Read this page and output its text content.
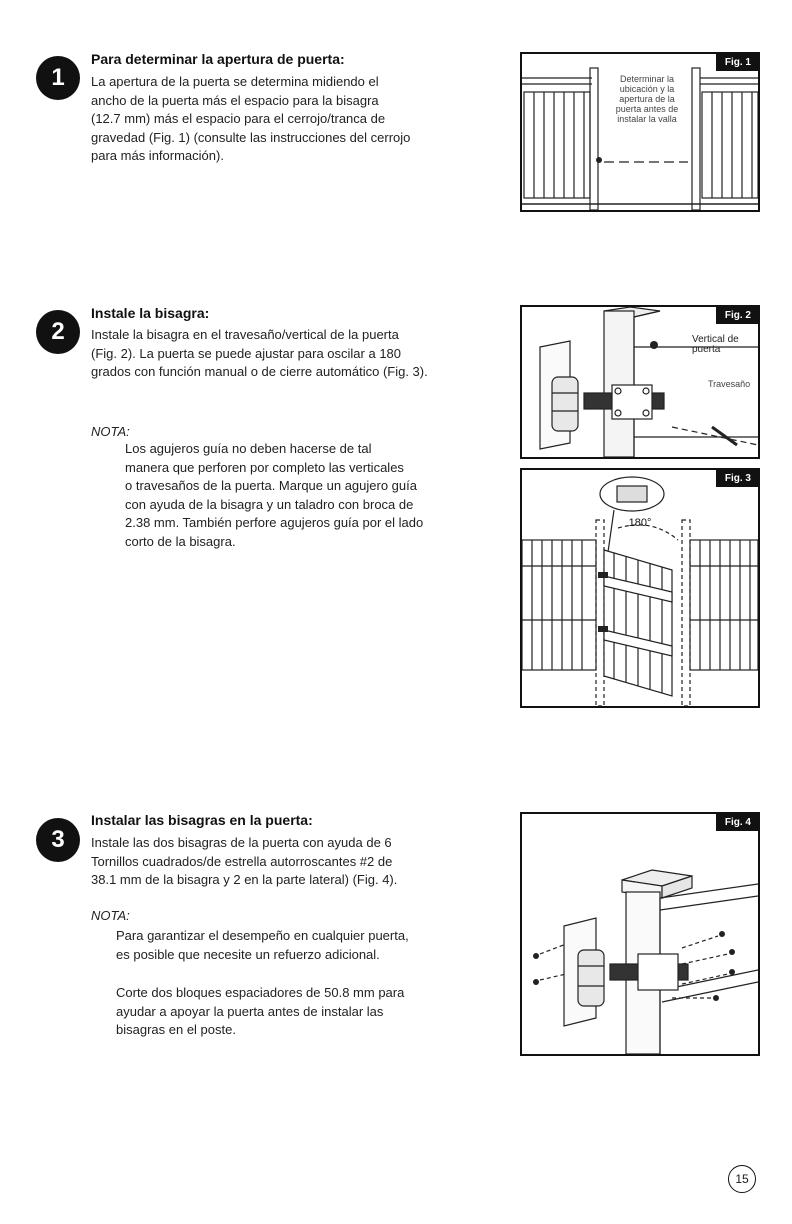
1

Para determinar la apertura de puerta:

La apertura de la puerta se determina midiendo el
ancho de la puerta más el espacio para la bisagra
(12.7 mm) más el espacio para el cerrojo/tranca de
gravedad (Fig. 1) (consulte las instrucciones del cerrojo
para más información).

Fig. 1
Determinar la
ubicación y la
apertura de la
puerta antes de
instalar la valla
2

Instale la bisagra:

Instale la bisagra en el travesaño/vertical de la puerta
(Fig. 2). La puerta se puede ajustar para oscilar a 180
grados con función manual o de cierre automático (Fig. 3).

NOTA:

Los agujeros guía no deben hacerse de tal
manera que perforen por completo las verticales
o travesaños de la puerta. Marque un agujero guía
con ayuda de la bisagra y un taladro con broca de
2.38 mm. También perfore agujeros guía por el lado
corto de la bisagra.

Fig. 2
Vertical de
puerta
Travesaño
Fig. 3
180°
3

Instalar las bisagras en la puerta:

Instale las dos bisagras de la puerta con ayuda de 6
Tornillos cuadrados/de estrella autorroscantes #2 de
38.1 mm de la bisagra y 2 en la parte lateral) (Fig. 4).

NOTA:

Para garantizar el desempeño en cualquier puerta,
es posible que necesite un refuerzo adicional.

Corte dos bloques espaciadores de 50.8 mm para
ayudar a apoyar la puerta antes de instalar las
bisagras en el poste.

Fig. 4
15
